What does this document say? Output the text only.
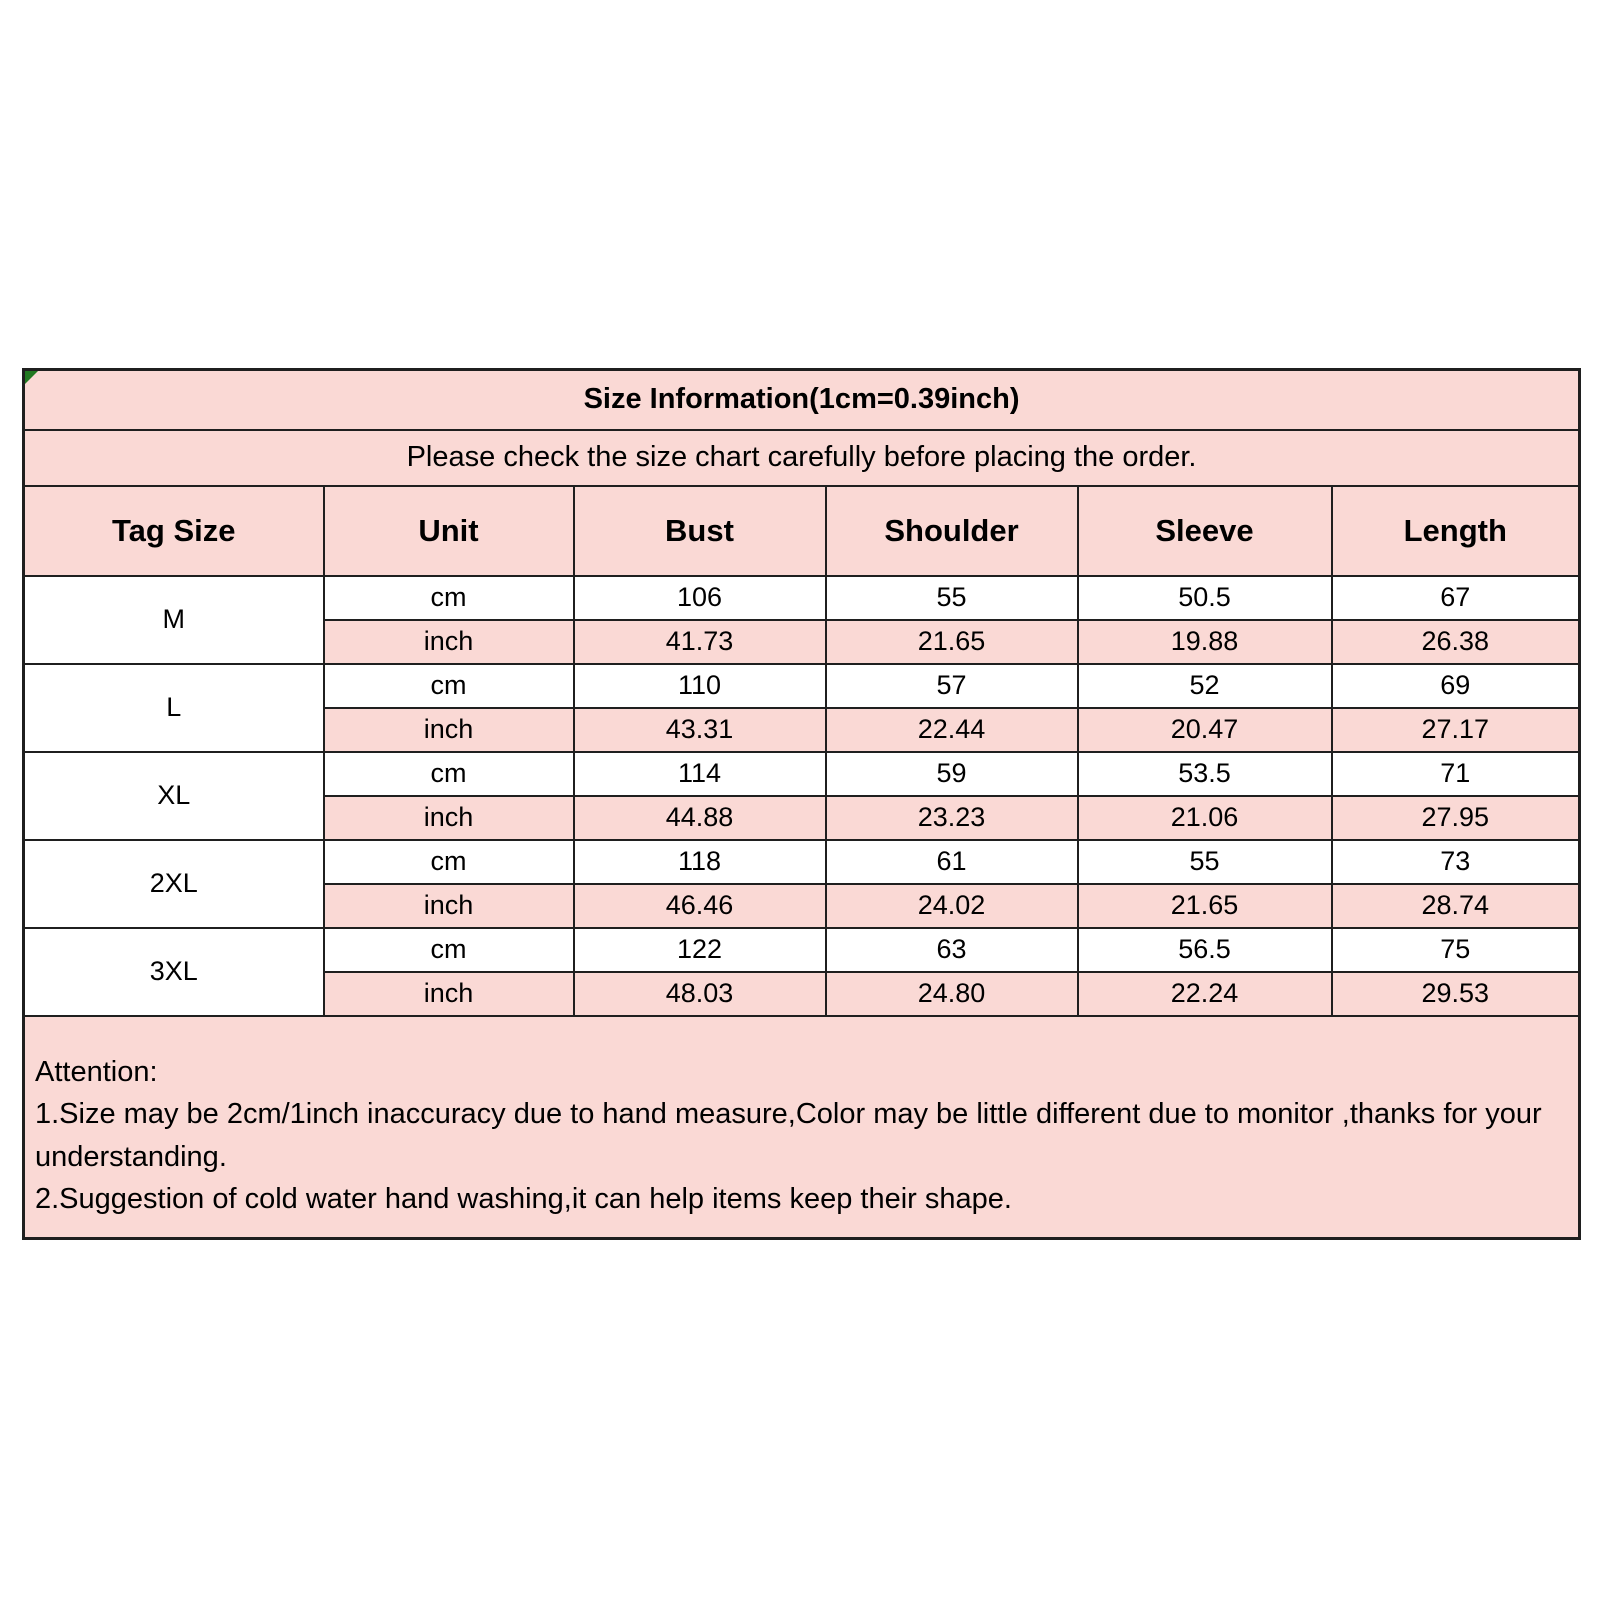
Size Information(1cm=0.39inch)					
Please check the size chart carefully before placing the order.					
Tag Size	Unit	Bust	Shoulder	Sleeve	Length
M	cm	106	55	50.5	67
	inch	41.73	21.65	19.88	26.38
L	cm	110	57	52	69
	inch	43.31	22.44	20.47	27.17
XL	cm	114	59	53.5	71
	inch	44.88	23.23	21.06	27.95
2XL	cm	118	61	55	73
	inch	46.46	24.02	21.65	28.74
3XL	cm	122	63	56.5	75
	inch	48.03	24.80	22.24	29.53

Attention:

1.Size may be 2cm/1inch inaccuracy due to hand measure,Color may be little different due to monitor ,thanks for your understanding.

2.Suggestion of cold water hand washing,it can help items keep their shape.					
